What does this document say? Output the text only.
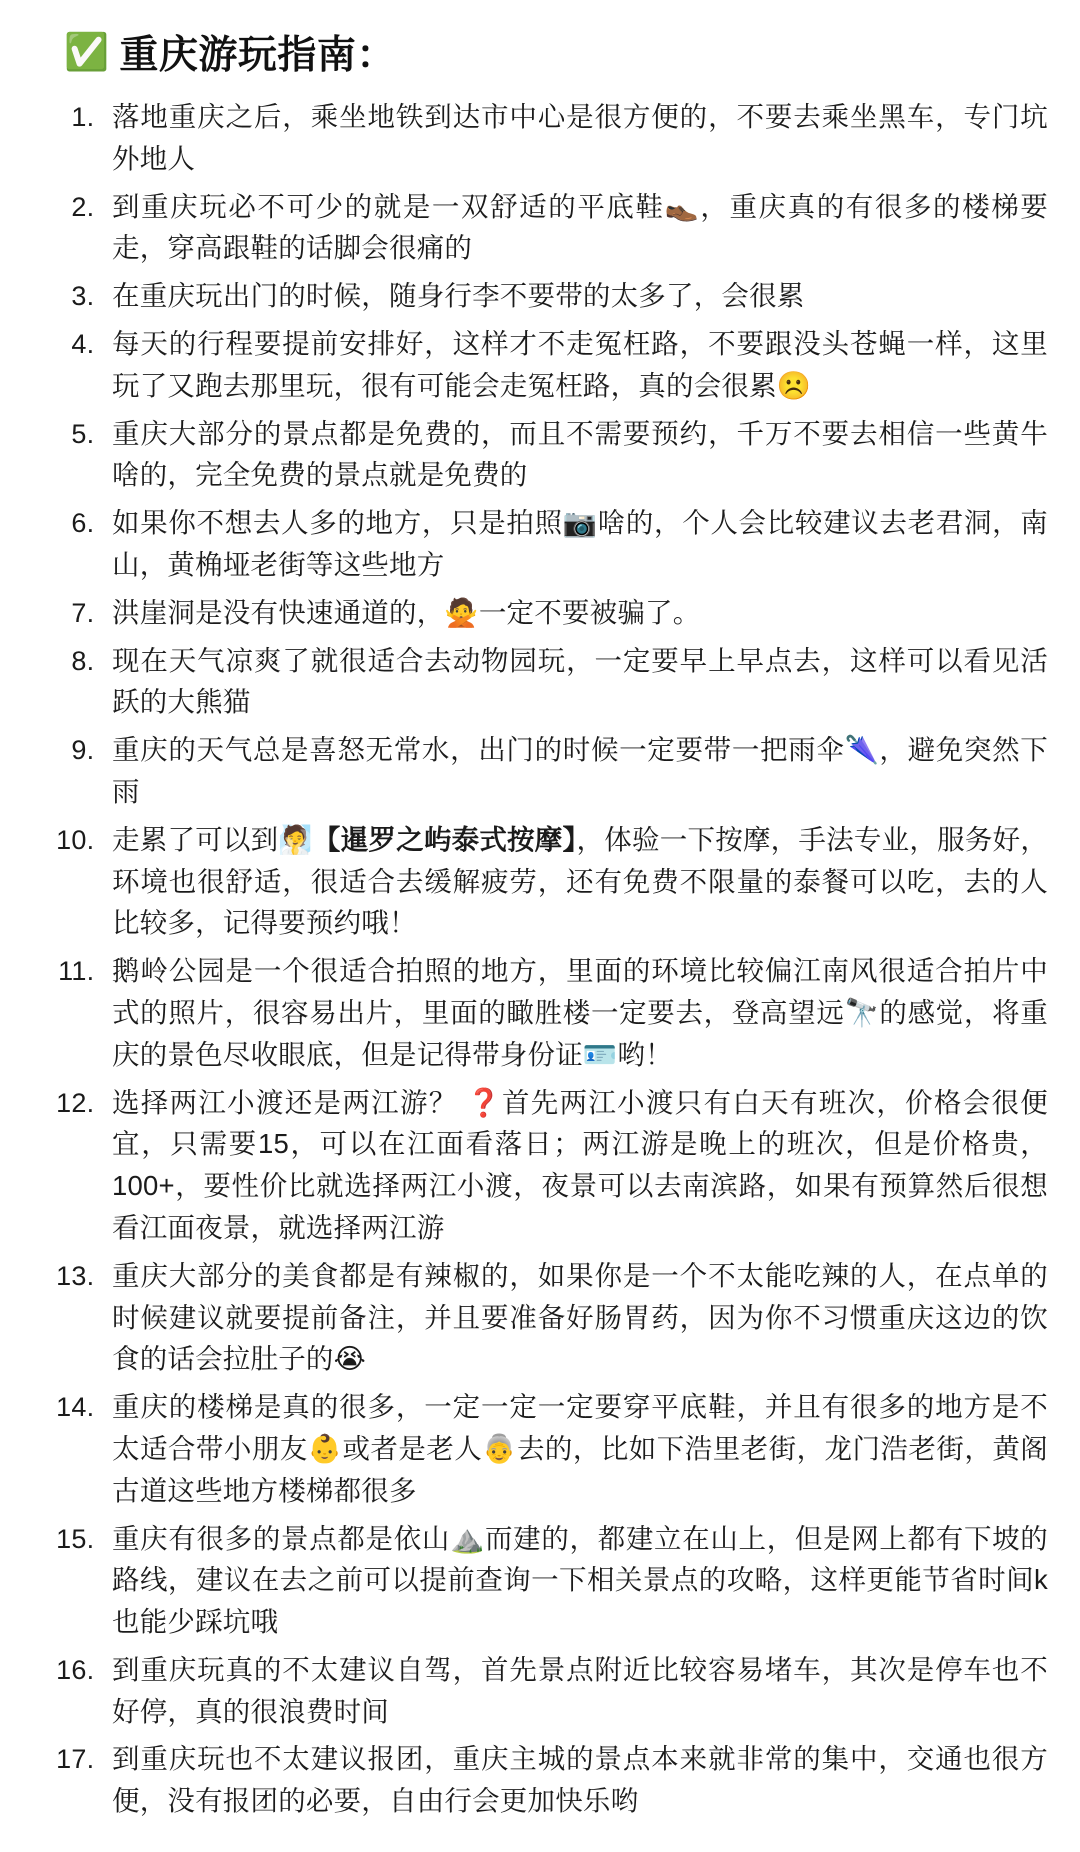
✅ 重庆游玩指南：
1. 落地重庆之后，乘坐地铁到达市中心是很方便的，不要去乘坐黑车，专门坑外地人
2. 到重庆玩必不可少的就是一双舒适的平底鞋👞，重庆真的有很多的楼梯要走，穿高跟鞋的话脚会很痛的
3. 在重庆玩出门的时候，随身行李不要带的太多了，会很累
4. 每天的行程要提前安排好，这样才不走冤枉路，不要跟没头苍蝇一样，这里玩了又跑去那里玩，很有可能会走冤枉路，真的会很累☹️
5. 重庆大部分的景点都是免费的，而且不需要预约，千万不要去相信一些黄牛啥的，完全免费的景点就是免费的
6. 如果你不想去人多的地方，只是拍照📷啥的，个人会比较建议去老君洞，南山，黄桷垭老街等这些地方
7. 洪崖洞是没有快速通道的，🙅一定不要被骗了。
8. 现在天气凉爽了就很适合去动物园玩，一定要早上早点去，这样可以看见活跃的大熊猫
9. 重庆的天气总是喜怒无常水，出门的时候一定要带一把雨伞🌂，避免突然下雨
10. 走累了可以到🧖【暹罗之屿泰式按摩】，体验一下按摩，手法专业，服务好，环境也很舒适，很适合去缓解疲劳，还有免费不限量的泰餐可以吃，去的人比较多，记得要预约哦！
11. 鹅岭公园是一个很适合拍照的地方，里面的环境比较偏江南风很适合拍片中式的照片，很容易出片，里面的瞰胜楼一定要去，登高望远🔭的感觉，将重庆的景色尽收眼底，但是记得带身份证🪪哟！
12. 选择两江小渡还是两江游？ ❓首先两江小渡只有白天有班次，价格会很便宜，只需要15，可以在江面看落日；两江游是晚上的班次，但是价格贵，100+，要性价比就选择两江小渡，夜景可以去南滨路，如果有预算然后很想看江面夜景，就选择两江游
13. 重庆大部分的美食都是有辣椒的，如果你是一个不太能吃辣的人，在点单的时候建议就要提前备注，并且要准备好肠胃药，因为你不习惯重庆这边的饮食的话会拉肚子的😭
14. 重庆的楼梯是真的很多，一定一定一定要穿平底鞋，并且有很多的地方是不太适合带小朋友👶或者是老人👵去的，比如下浩里老街，龙门浩老街，黄阁古道这些地方楼梯都很多
15. 重庆有很多的景点都是依山⛰️而建的，都建立在山上，但是网上都有下坡的路线，建议在去之前可以提前查询一下相关景点的攻略，这样更能节省时间k也能少踩坑哦
16. 到重庆玩真的不太建议自驾，首先景点附近比较容易堵车，其次是停车也不好停，真的很浪费时间
17. 到重庆玩也不太建议报团，重庆主城的景点本来就非常的集中，交通也很方便，没有报团的必要，自由行会更加快乐哟
